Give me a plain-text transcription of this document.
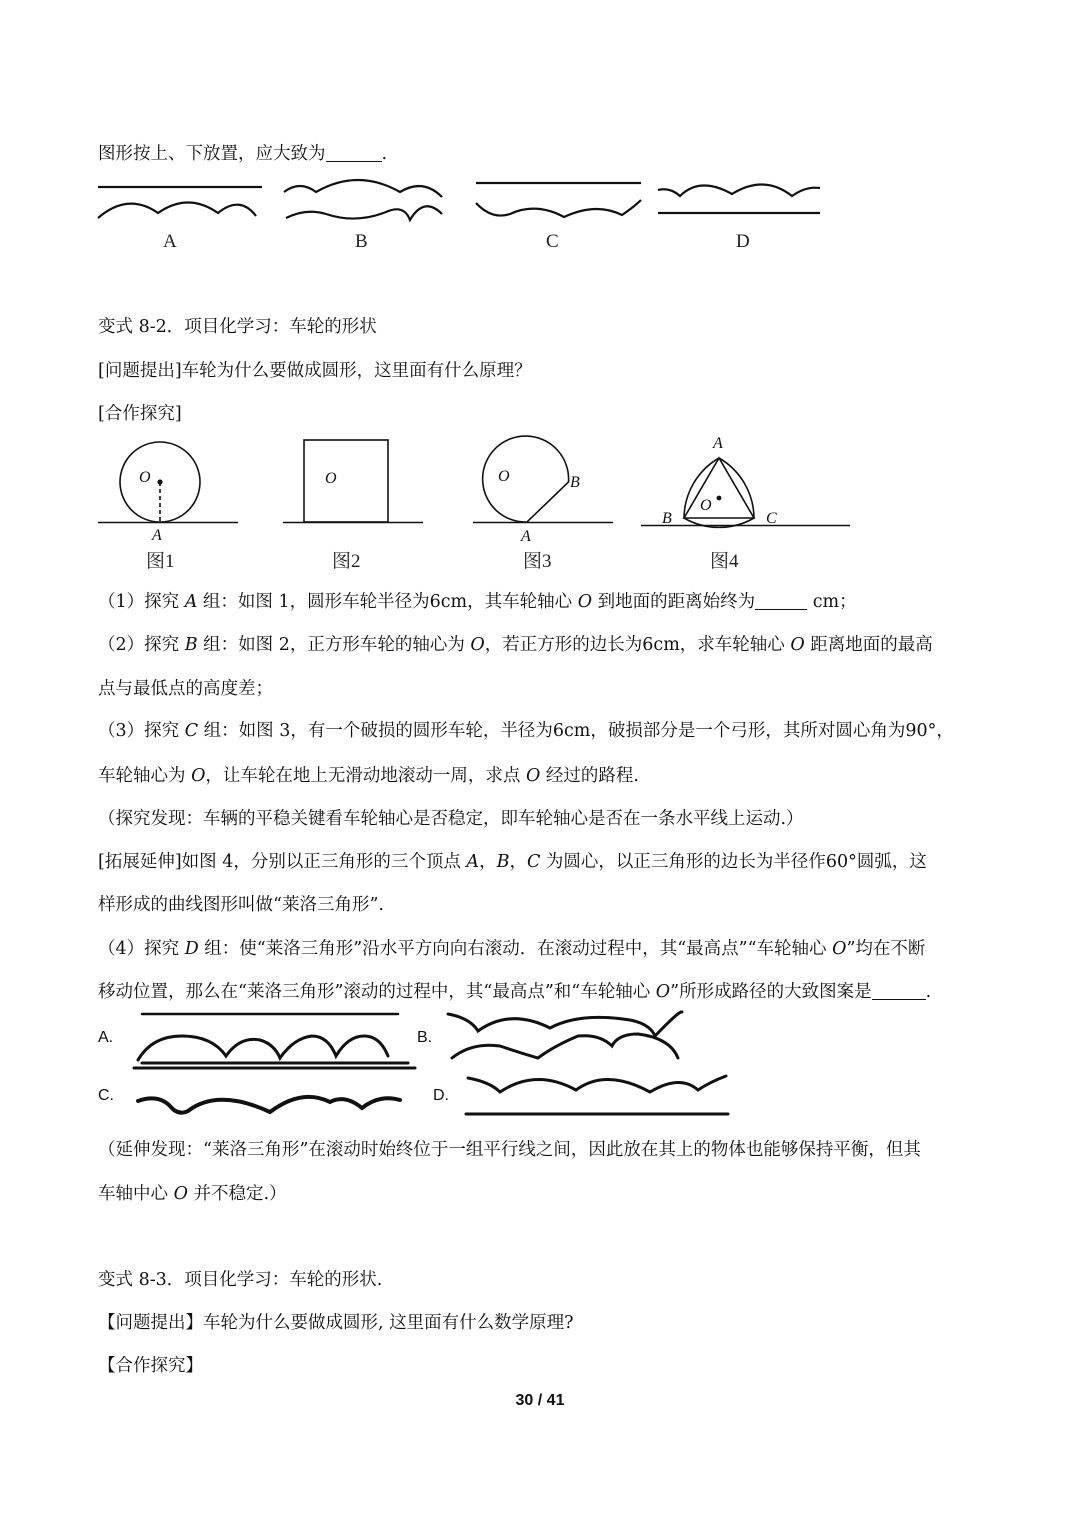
图形按上、下放置，应大致为	.
A	B	C	D
变式 8-2．项目化学习：车轮的形状
[问题提出]车轮为什么要做成圆形，这里面有什么原理？
[合作探究]
O
A
O	O	B
A
A
O
B	C
图1	图2	图3	图4
（1）探究 A 组：如图 1，圆形车轮半径为6cm，其车轮轴心 O 到地面的距离始终为	cm；
（2）探究 B 组：如图 2，正方形车轮的轴心为 O，若正方形的边长为6cm，求车轮轴心 O 距离地面的最高
点与最低点的高度差；
（3）探究 C 组：如图 3，有一个破损的圆形车轮，半径为6cm，破损部分是一个弓形，其所对圆心角为90°，
车轮轴心为 O，让车轮在地上无滑动地滚动一周，求点 O 经过的路程.
（探究发现：车辆的平稳关键看车轮轴心是否稳定，即车轮轴心是否在一条水平线上运动.）
[拓展延伸]如图 4，分别以正三角形的三个顶点 A，B，C 为圆心，以正三角形的边长为半径作60°圆弧，这
样形成的曲线图形叫做“莱洛三角形”.
（4）探究 D 组：使“莱洛三角形”沿水平方向向右滚动．在滚动过程中，其“最高点”“车轮轴心 O”均在不断
移动位置，那么在“莱洛三角形”滚动的过程中，其“最高点”和“车轮轴心 O”所形成路径的大致图案是	.
A.	B.
C.	D.
（延伸发现：“莱洛三角形”在滚动时始终位于一组平行线之间，因此放在其上的物体也能够保持平衡，但其
车轴中心 O 并不稳定.）
变式 8-3．项目化学习：车轮的形状.
【问题提出】车轮为什么要做成圆形, 这里面有什么数学原理?
【合作探究】
30 / 41
